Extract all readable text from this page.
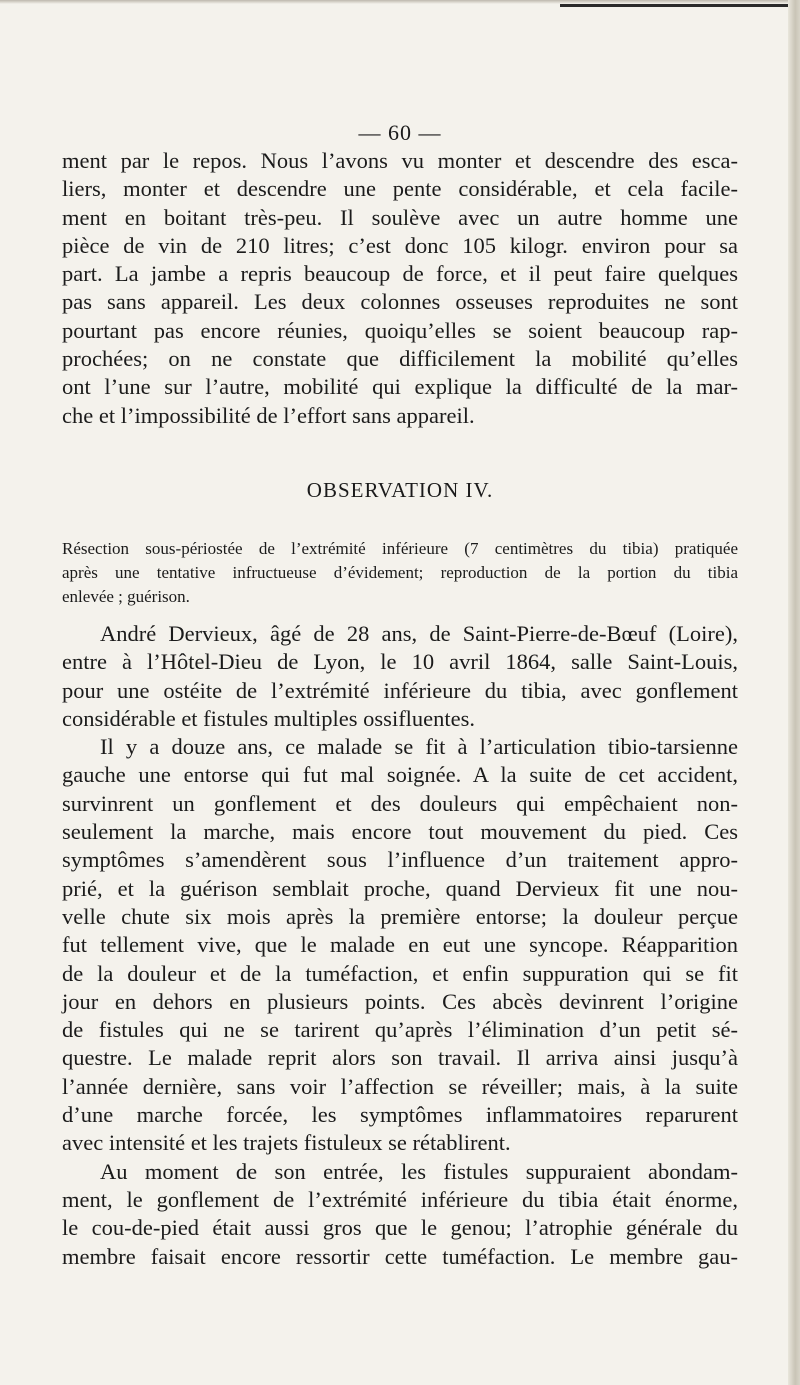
— 60 —
ment par le repos. Nous l’avons vu monter et descendre des esca-
liers, monter et descendre une pente considérable, et cela facile-
ment en boitant très-peu. Il soulève avec un autre homme une
pièce de vin de 210 litres; c’est donc 105 kilogr. environ pour sa
part. La jambe a repris beaucoup de force, et il peut faire quelques
pas sans appareil. Les deux colonnes osseuses reproduites ne sont
pourtant pas encore réunies, quoiqu’elles se soient beaucoup rap-
prochées; on ne constate que difficilement la mobilité qu’elles
ont l’une sur l’autre, mobilité qui explique la difficulté de la mar-
che et l’impossibilité de l’effort sans appareil.
OBSERVATION IV.
Résection sous-périostée de l’extrémité inférieure (7 centimètres du tibia) pratiquée
après une tentative infructueuse d’évidement; reproduction de la portion du tibia
enlevée ; guérison.
André Dervieux, âgé de 28 ans, de Saint-Pierre-de-Bœuf (Loire),
entre à l’Hôtel-Dieu de Lyon, le 10 avril 1864, salle Saint-Louis,
pour une ostéite de l’extrémité inférieure du tibia, avec gonflement
considérable et fistules multiples ossifluentes.
Il y a douze ans, ce malade se fit à l’articulation tibio-tarsienne
gauche une entorse qui fut mal soignée. A la suite de cet accident,
survinrent un gonflement et des douleurs qui empêchaient non-
seulement la marche, mais encore tout mouvement du pied. Ces
symptômes s’amendèrent sous l’influence d’un traitement appro-
prié, et la guérison semblait proche, quand Dervieux fit une nou-
velle chute six mois après la première entorse; la douleur perçue
fut tellement vive, que le malade en eut une syncope. Réapparition
de la douleur et de la tuméfaction, et enfin suppuration qui se fit
jour en dehors en plusieurs points. Ces abcès devinrent l’origine
de fistules qui ne se tarirent qu’après l’élimination d’un petit sé-
questre. Le malade reprit alors son travail. Il arriva ainsi jusqu’à
l’année dernière, sans voir l’affection se réveiller; mais, à la suite
d’une marche forcée, les symptômes inflammatoires reparurent
avec intensité et les trajets fistuleux se rétablirent.
Au moment de son entrée, les fistules suppuraient abondam-
ment, le gonflement de l’extrémité inférieure du tibia était énorme,
le cou-de-pied était aussi gros que le genou; l’atrophie générale du
membre faisait encore ressortir cette tuméfaction. Le membre gau-
